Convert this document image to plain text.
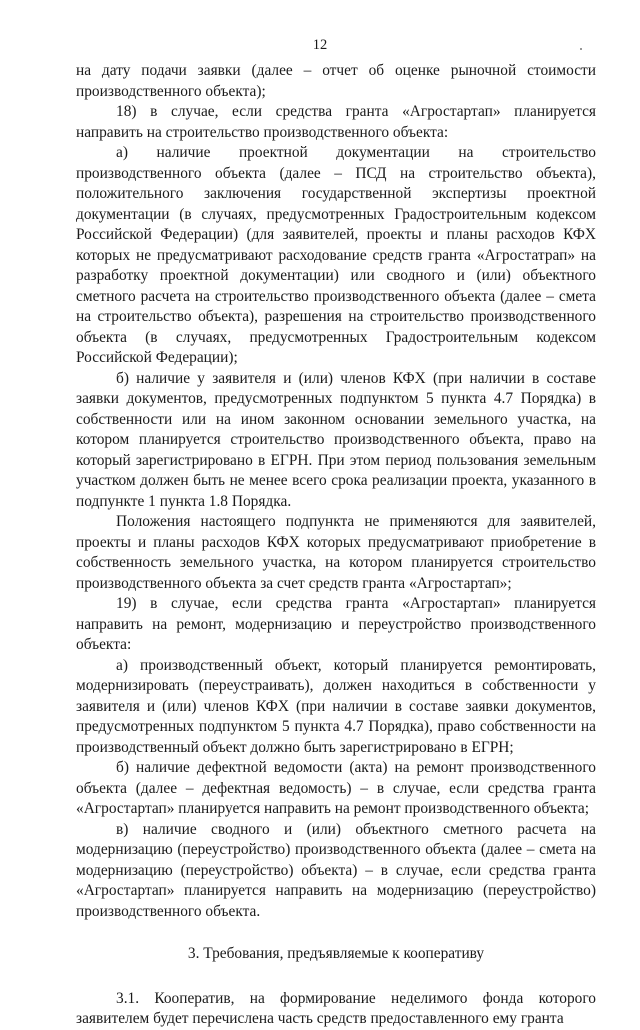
12

на дату подачи заявки (далее – отчет об оценке рыночной стоимости производственного объекта);

18) в случае, если средства гранта «Агростартап» планируется направить на строительство производственного объекта:

а) наличие проектной документации на строительство производственного объекта (далее – ПСД на строительство объекта), положительного заключения государственной экспертизы проектной документации (в случаях, предусмотренных Градостроительным кодексом Российской Федерации) (для заявителей, проекты и планы расходов КФХ которых не предусматривают расходование средств гранта «Агростатрап» на разработку проектной документации) или сводного и (или) объектного сметного расчета на строительство производственного объекта (далее – смета на строительство объекта), разрешения на строительство производственного объекта (в случаях, предусмотренных Градостроительным кодексом Российской Федерации);

б) наличие у заявителя и (или) членов КФХ (при наличии в составе заявки документов, предусмотренных подпунктом 5 пункта 4.7 Порядка) в собственности или на ином законном основании земельного участка, на котором планируется строительство производственного объекта, право на который зарегистрировано в ЕГРН. При этом период пользования земельным участком должен быть не менее всего срока реализации проекта, указанного в подпункте 1 пункта 1.8 Порядка.

Положения настоящего подпункта не применяются для заявителей, проекты и планы расходов КФХ которых предусматривают приобретение в собственность земельного участка, на котором планируется строительство производственного объекта за счет средств гранта «Агростартап»;

19) в случае, если средства гранта «Агростартап» планируется направить на ремонт, модернизацию и переустройство производственного объекта:

а) производственный объект, который планируется ремонтировать, модернизировать (переустраивать), должен находиться в собственности у заявителя и (или) членов КФХ (при наличии в составе заявки документов, предусмотренных подпунктом 5 пункта 4.7 Порядка), право собственности на производственный объект должно быть зарегистрировано в ЕГРН;

б) наличие дефектной ведомости (акта) на ремонт производственного объекта (далее – дефектная ведомость) – в случае, если средства гранта «Агростартап» планируется направить на ремонт производственного объекта;

в) наличие сводного и (или) объектного сметного расчета на модернизацию (переустройство) производственного объекта (далее – смета на модернизацию (переустройство) объекта) – в случае, если средства гранта «Агростартап» планируется направить на модернизацию (переустройство) производственного объекта.

3. Требования, предъявляемые к кооперативу

3.1. Кооператив, на формирование неделимого фонда которого заявителем будет перечислена часть средств предоставленного ему гранта
